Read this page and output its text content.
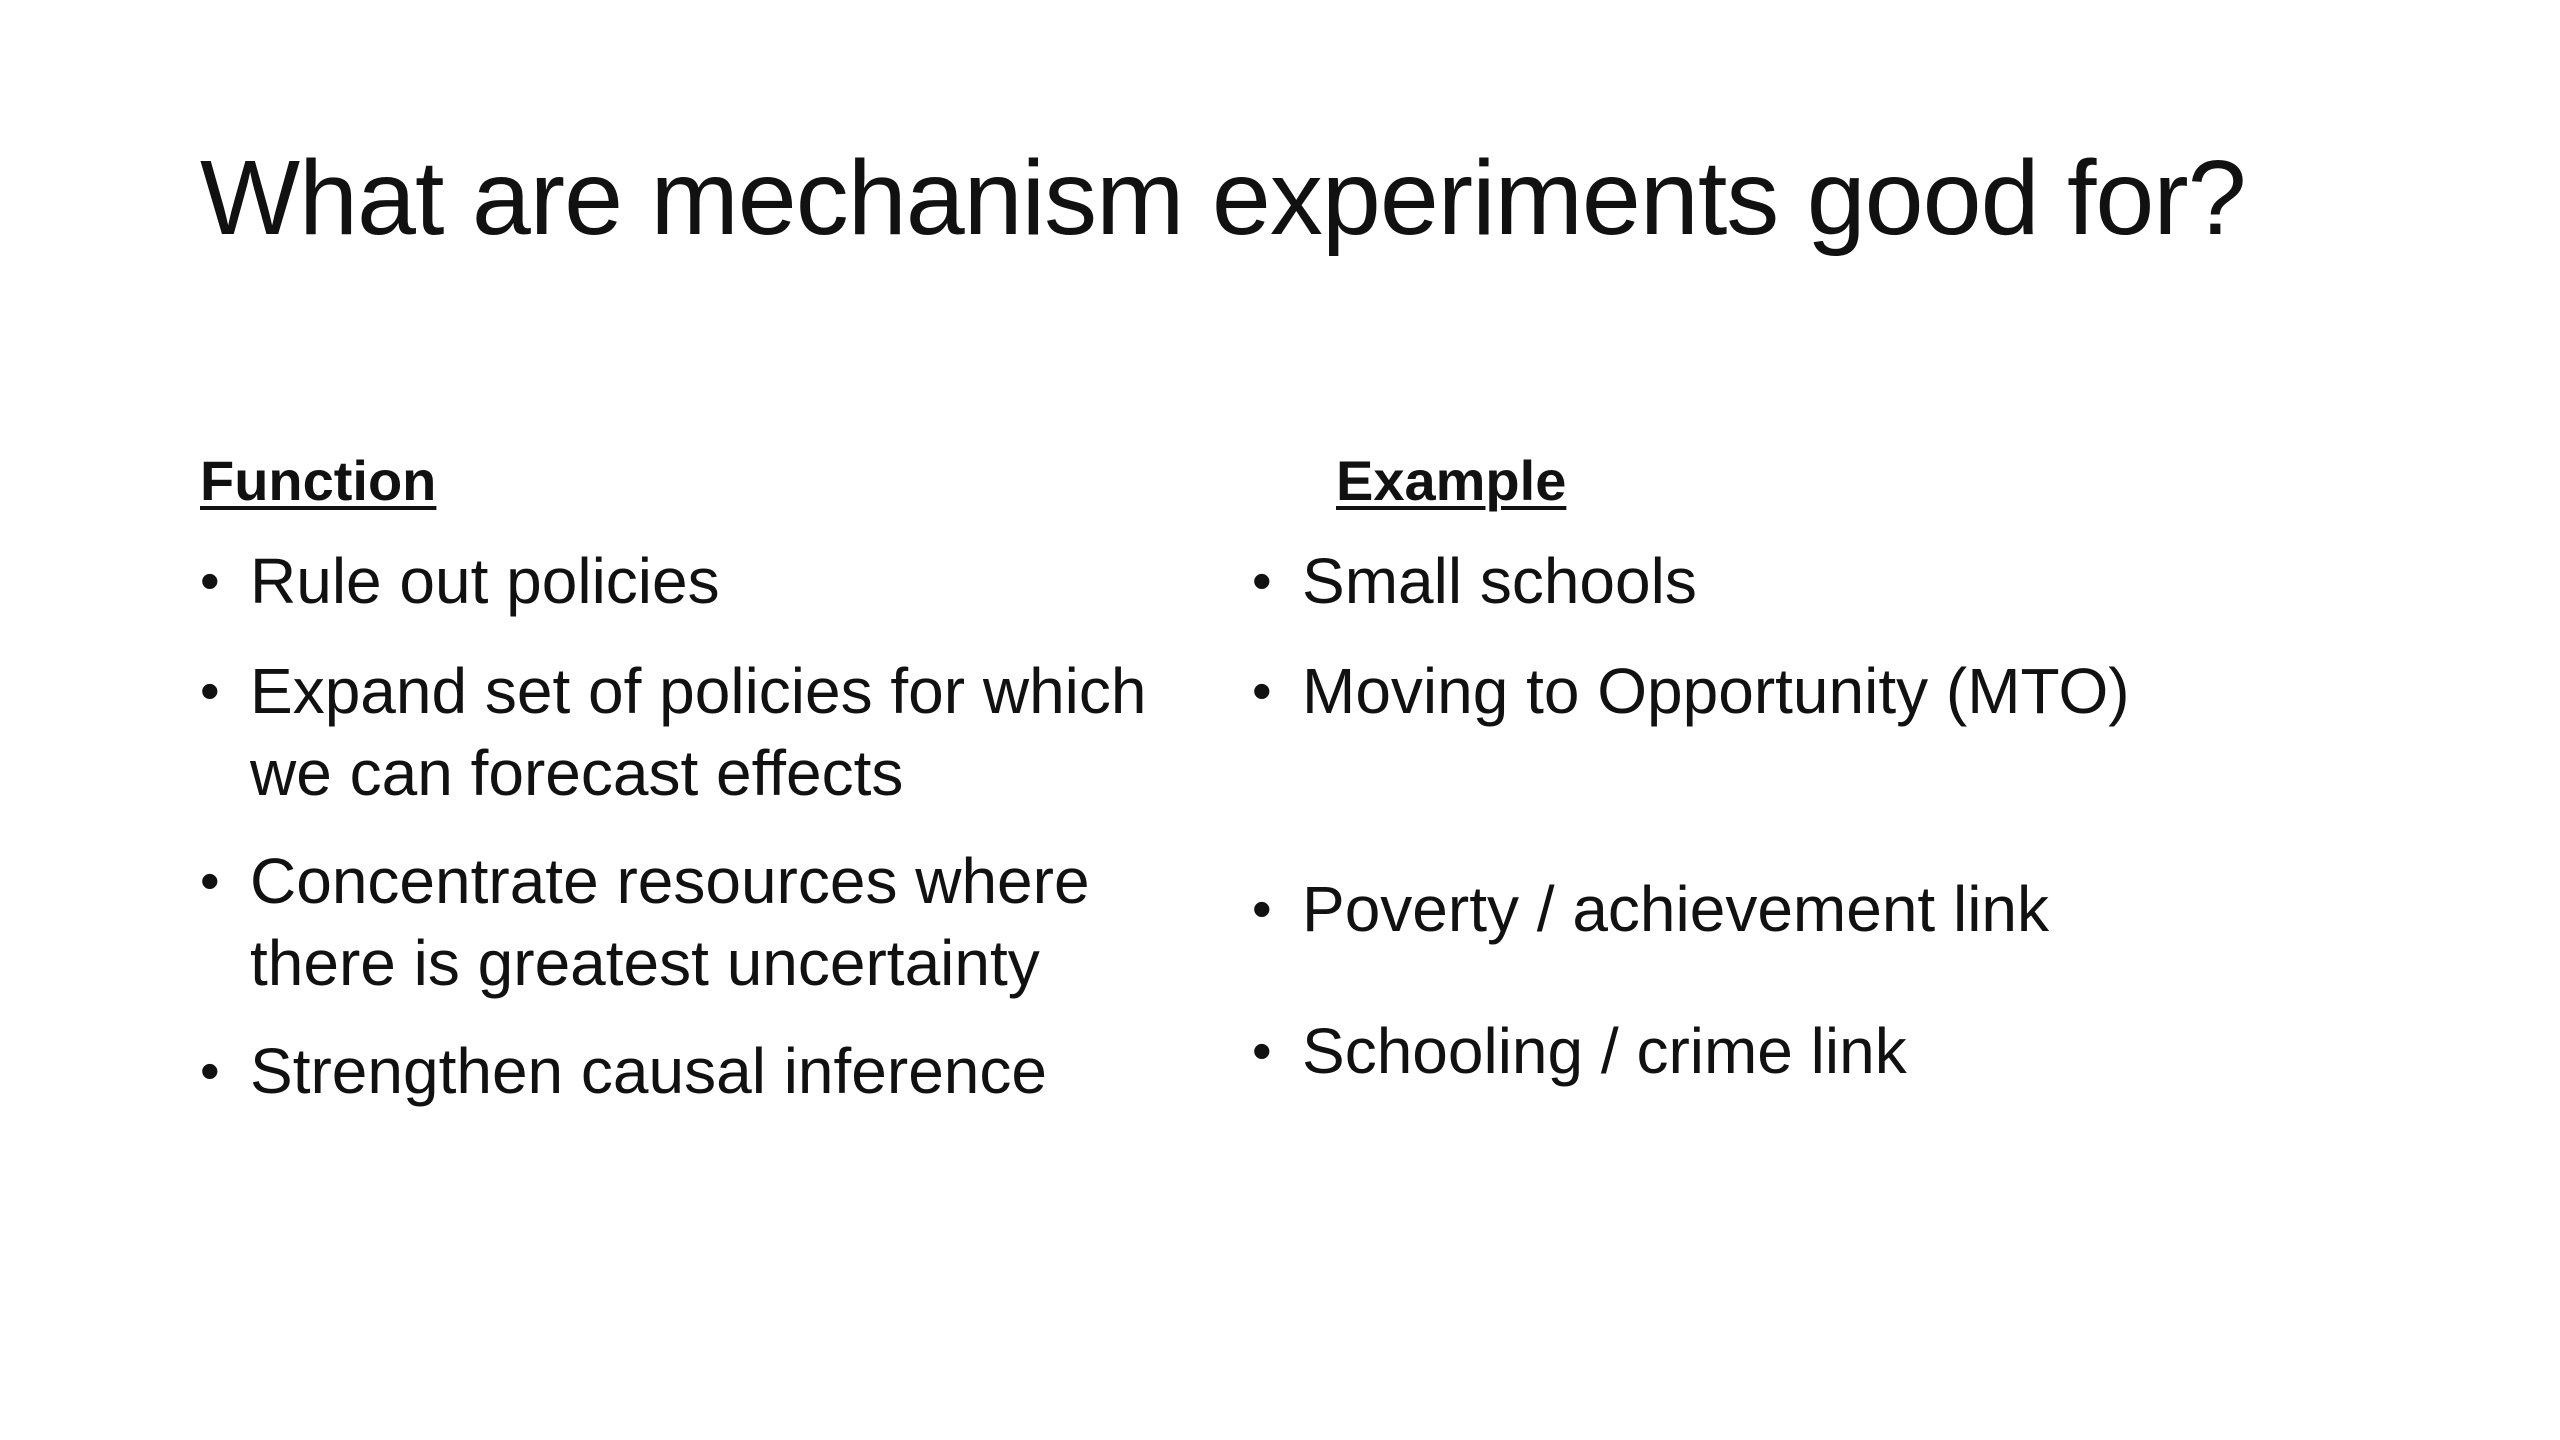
What are mechanism experiments good for?
Function	Example
• Rule out policies
• Expand set of policies for which
we can forecast effects
• Concentrate resources where
there is greatest uncertainty
• Strengthen causal inference
• Small schools
• Moving to Opportunity (MTO)
• Poverty / achievement link
• Schooling / crime link
